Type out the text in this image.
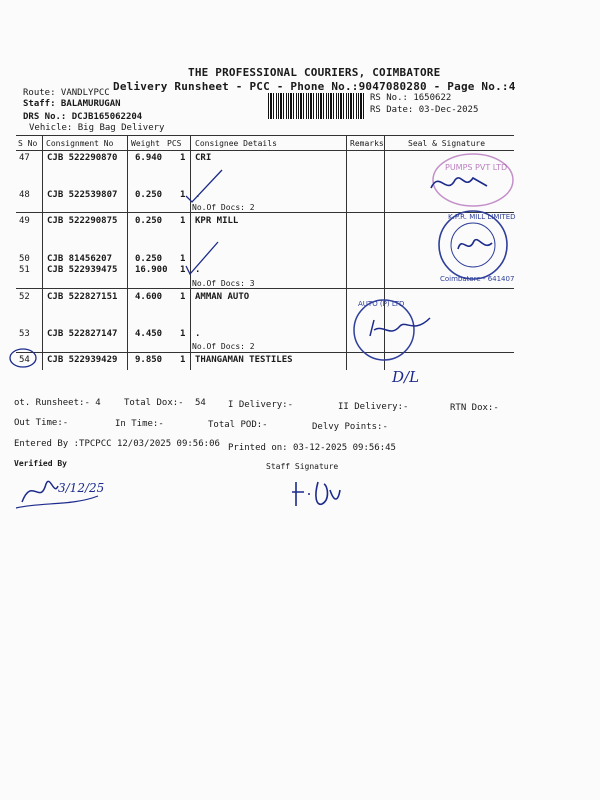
THE PROFESSIONAL COURIERS, COIMBATORE
Delivery Runsheet - PCC - Phone No.:9047080280 - Page No.:4
Route: VANDLYPCC
Staff: BALAMURUGAN
DRS No.: DCJB165062204
Vehicle: Big Bag Delivery
RS No.: 1650622
RS Date: 03-Dec-2025
S No Consignment No Weight PCS Consignee Details	Remarks	Seal & Signature
47 CJB 522290870 6.940 1 CRI
48 CJB 522539807 0.250 1 .
No.Of Docs: 2
49 CJB 522290875 0.250 1 KPR MILL
50 CJB 81456207	0.250 1
51 CJB 522939475 16.900 1 .
No.Of Docs: 3
52 CJB 522827151 4.600 1 AMMAN AUTO
53 CJB 522827147 4.450 1 .
No.Of Docs: 2
54 CJB 522939429 9.850 1 THANGAMAN TESTILES
PUMPS PVT LTD
K.P.R. MILL LIMITED
Coimbatore - 641407
AUTO (P) LTD
D/L
ot. Runsheet:- 4	Total Dox:- 54 I Delivery:-	II Delivery:-	RTN Dox:-
Out Time:-	In Time:-	Total POD:-	Delvy Points:-
Entered By :TPCPCC 12/03/2025 09:56:06 Printed on: 03-12-2025 09:56:45
Verified By	Staff Signature
3/12/25
